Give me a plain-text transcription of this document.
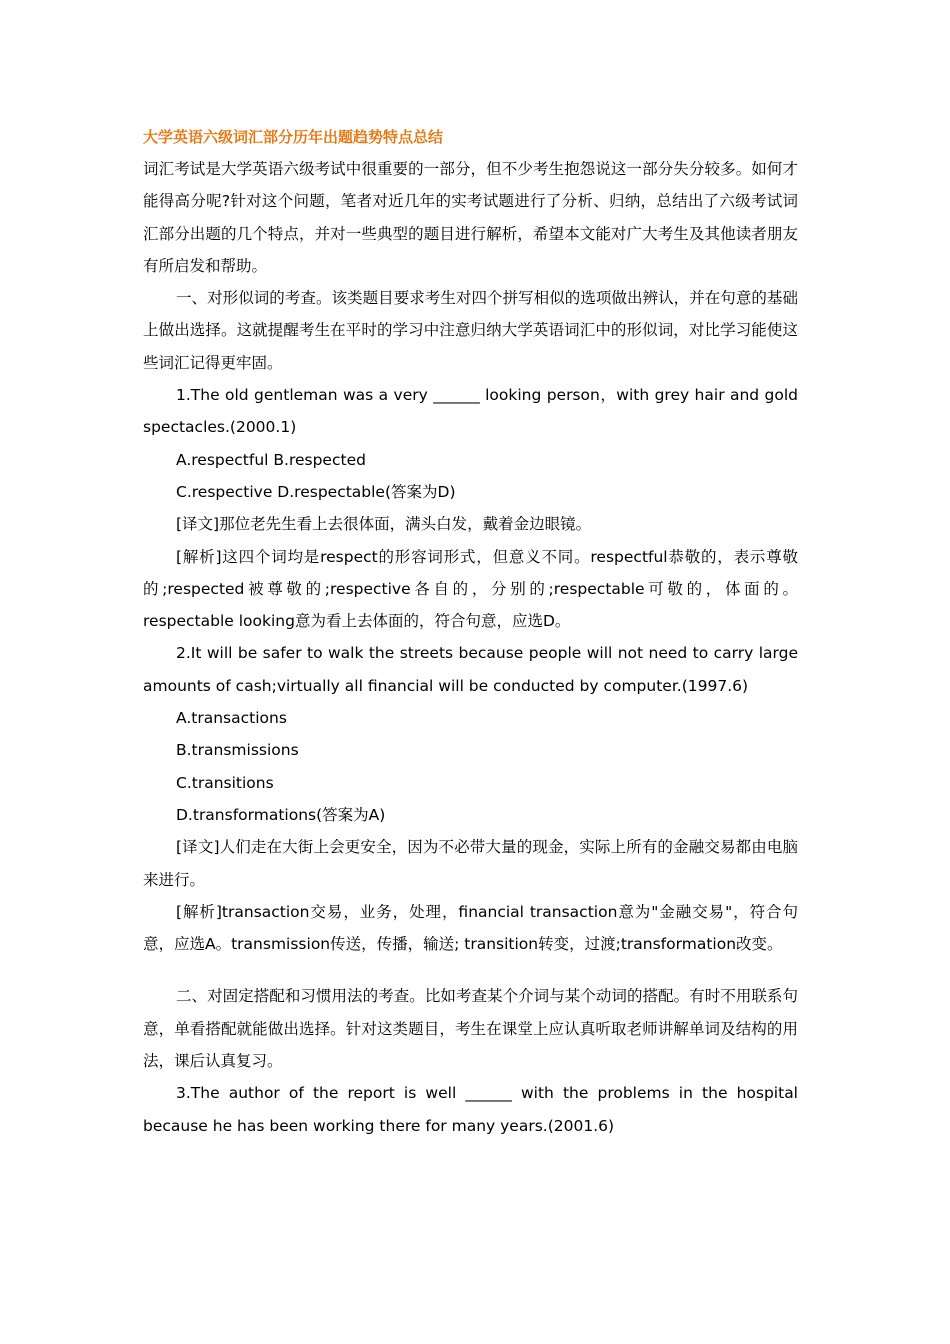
大学英语六级词汇部分历年出题趋势特点总结

词汇考试是大学英语六级考试中很重要的一部分，但不少考生抱怨说这一部分失分较多。如何才能得高分呢?针对这个问题，笔者对近几年的实考试题进行了分析、归纳，总结出了六级考试词汇部分出题的几个特点，并对一些典型的题目进行解析，希望本文能对广大考生及其他读者朋友有所启发和帮助。

一、对形似词的考查。该类题目要求考生对四个拼写相似的选项做出辨认，并在句意的基础上做出选择。这就提醒考生在平时的学习中注意归纳大学英语词汇中的形似词，对比学习能使这些词汇记得更牢固。

1.The old gentleman was a very ______ looking person，with grey hair and gold spectacles.(2000.1)

A.respectful B.respected

C.respective D.respectable(答案为D)

[译文]那位老先生看上去很体面，满头白发，戴着金边眼镜。

[解析]这四个词均是respect的形容词形式，但意义不同。respectful恭敬的，表示尊敬的;respected被尊敬的;respective各自的，分别的;respectable可敬的，体面的。respectable looking意为看上去体面的，符合句意，应选D。

2.It will be safer to walk the streets because people will not need to carry large amounts of cash;virtually all financial will be conducted by computer.(1997.6)

A.transactions

B.transmissions

C.transitions

D.transformations(答案为A)

[译文]人们走在大街上会更安全，因为不必带大量的现金，实际上所有的金融交易都由电脑来进行。

[解析]transaction交易，业务，处理，financial transaction意为"金融交易"，符合句意，应选A。transmission传送，传播，输送; transition转变，过渡;transformation改变。

二、对固定搭配和习惯用法的考查。比如考查某个介词与某个动词的搭配。有时不用联系句意，单看搭配就能做出选择。针对这类题目，考生在课堂上应认真听取老师讲解单词及结构的用法，课后认真复习。

3.The author of the report is well ______ with the problems in the hospital because he has been working there for many years.(2001.6)
